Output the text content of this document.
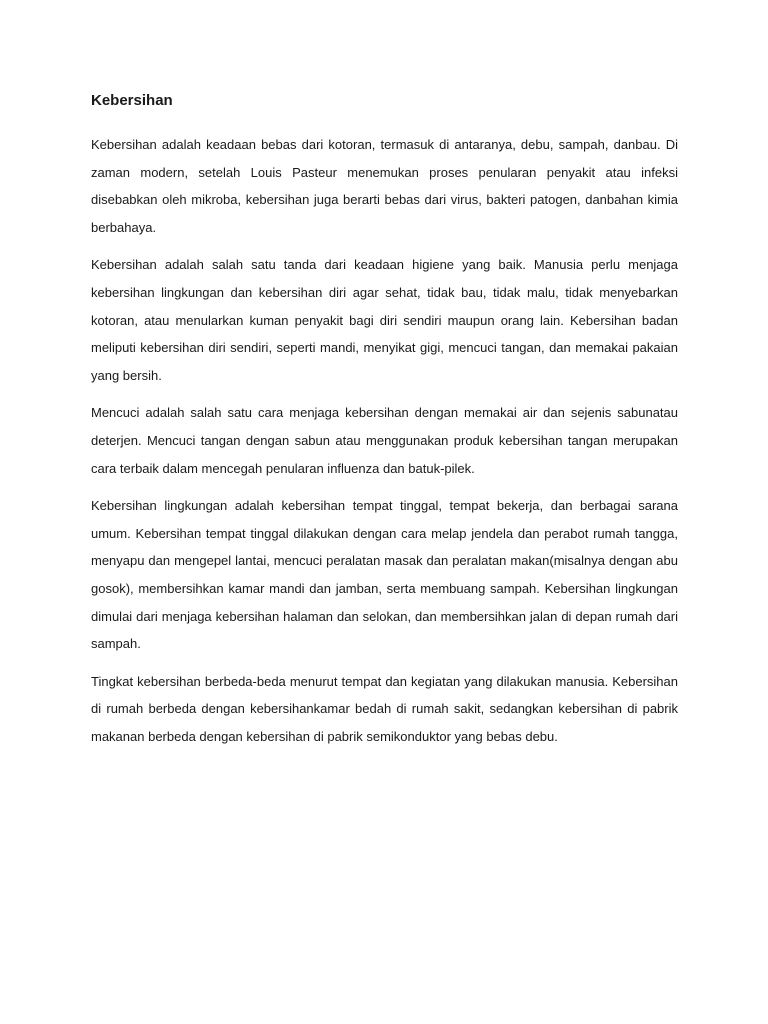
Kebersihan

Kebersihan adalah keadaan bebas dari kotoran, termasuk di antaranya, debu, sampah, danbau. Di zaman modern, setelah Louis Pasteur menemukan proses penularan penyakit atau infeksi disebabkan oleh mikroba, kebersihan juga berarti bebas dari virus, bakteri patogen, danbahan kimia berbahaya.

Kebersihan adalah salah satu tanda dari keadaan higiene yang baik. Manusia perlu menjaga kebersihan lingkungan dan kebersihan diri agar sehat, tidak bau, tidak malu, tidak menyebarkan kotoran, atau menularkan kuman penyakit bagi diri sendiri maupun orang lain. Kebersihan badan meliputi kebersihan diri sendiri, seperti mandi, menyikat gigi, mencuci tangan, dan memakai pakaian yang bersih.

Mencuci adalah salah satu cara menjaga kebersihan dengan memakai air dan sejenis sabunatau deterjen. Mencuci tangan dengan sabun atau menggunakan produk kebersihan tangan merupakan cara terbaik dalam mencegah penularan influenza dan batuk-pilek.

Kebersihan lingkungan adalah kebersihan tempat tinggal, tempat bekerja, dan berbagai sarana umum. Kebersihan tempat tinggal dilakukan dengan cara melap jendela dan perabot rumah tangga, menyapu dan mengepel lantai, mencuci peralatan masak dan peralatan makan(misalnya dengan abu gosok), membersihkan kamar mandi dan jamban, serta membuang sampah. Kebersihan lingkungan dimulai dari menjaga kebersihan halaman dan selokan, dan membersihkan jalan di depan rumah dari sampah.

Tingkat kebersihan berbeda-beda menurut tempat dan kegiatan yang dilakukan manusia. Kebersihan di rumah berbeda dengan kebersihankamar bedah di rumah sakit, sedangkan kebersihan di pabrik makanan berbeda dengan kebersihan di pabrik semikonduktor yang bebas debu.
